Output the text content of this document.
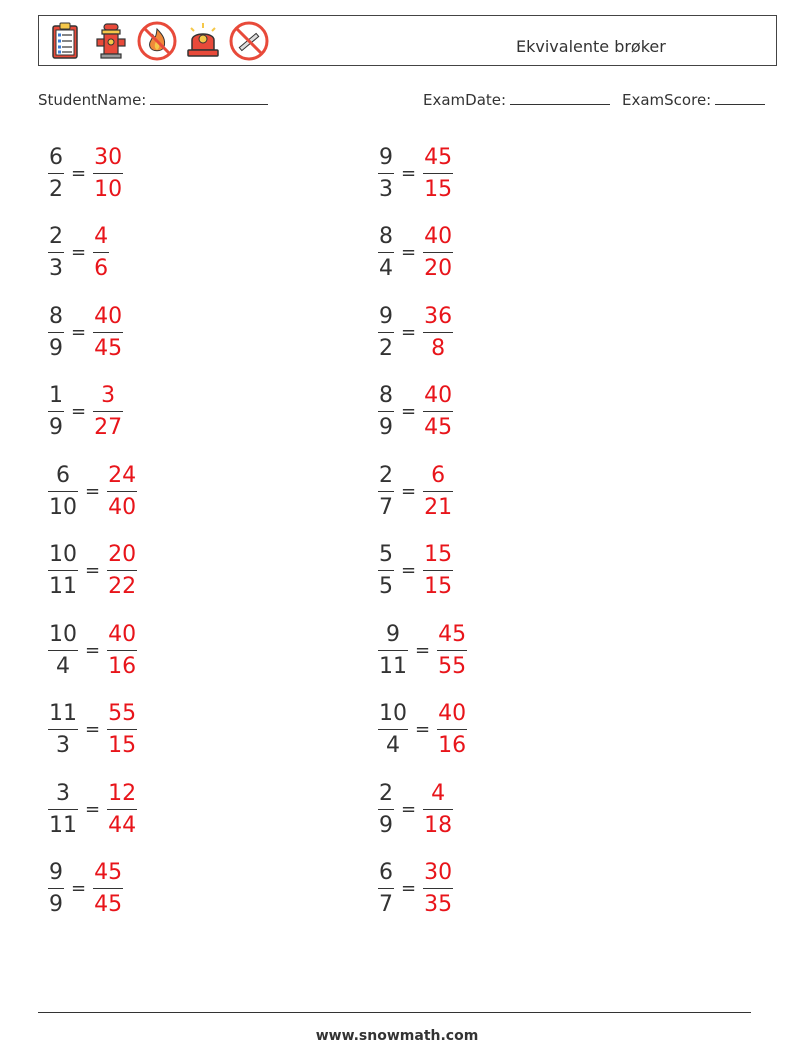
Ekvivalente brøker
StudentName:	ExamDate:	ExamScore:
$\frac{6}{2} = \frac{30}{10}$	$\frac{9}{3} = \frac{45}{15}$
$\frac{2}{3} = \frac{4}{6}$	$\frac{8}{4} = \frac{40}{20}$
$\frac{8}{9} = \frac{40}{45}$	$\frac{9}{2} = \frac{36}{8}$
$\frac{1}{9} = \frac{3}{27}$	$\frac{8}{9} = \frac{40}{45}$
$\frac{6}{10} = \frac{24}{40}$	$\frac{2}{7} = \frac{6}{21}$
$\frac{10}{11} = \frac{20}{22}$	$\frac{5}{5} = \frac{15}{15}$
$\frac{10}{4} = \frac{40}{16}$	$\frac{9}{11} = \frac{45}{55}$
$\frac{11}{3} = \frac{55}{15}$	$\frac{10}{4} = \frac{40}{16}$
$\frac{3}{11} = \frac{12}{44}$	$\frac{2}{9} = \frac{4}{18}$
$\frac{9}{9} = \frac{45}{45}$	$\frac{6}{7} = \frac{30}{35}$
www.snowmath.com
